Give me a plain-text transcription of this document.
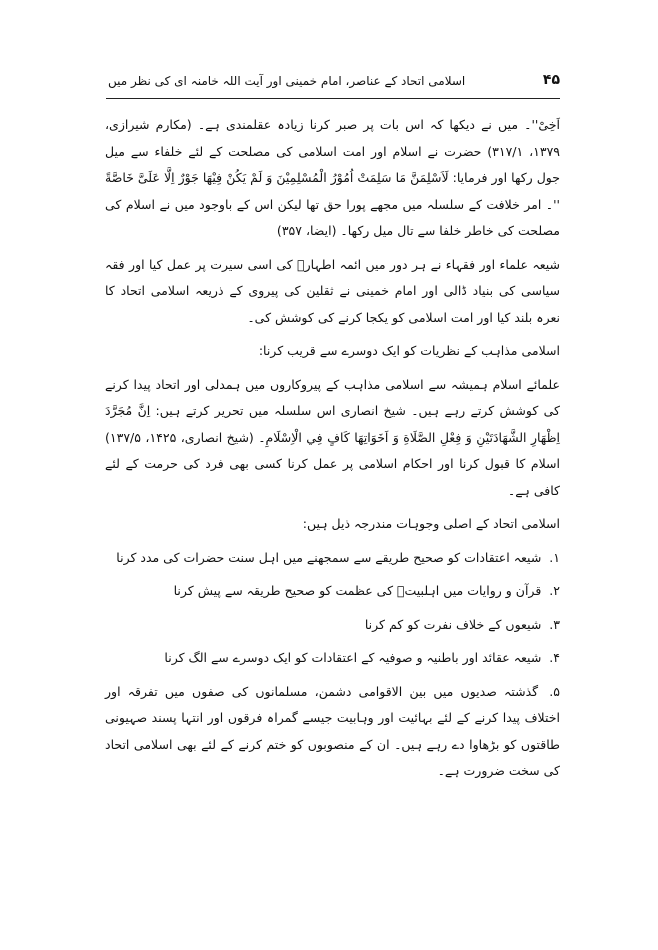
اسلامی اتحاد کے عناصر، امام خمینی اور آیت اللہ خامنہ ای کی نظر میں	۴۵

اَخِیْ''۔ میں نے دیکھا کہ اس بات پر صبر کرنا زیادہ عقلمندی ہے۔ (مکارم شیرازی، ۱۳۷۹، ۳۱۷/۱) حضرت نے اسلام اور امت اسلامی کی مصلحت کے لئے خلفاء سے میل جول رکھا اور فرمایا: لَاَسْلِمَنَّ مَا سَلِمَتْ اُمُوْرُ الْمُسْلِمِیْنَ وَ لَمْ یَکُنْ فِیْھَا جَوْرٌ اِلَّا عَلَیَّ خَاصَّةً ''۔ امر خلافت کے سلسلہ میں مجھے پورا حق تھا لیکن اس کے باوجود میں نے اسلام کی مصلحت کی خاطر خلفا سے تال میل رکھا۔ (ایضا، ۳۵۷)

شیعہ علماء اور فقہاء نے ہر دور میں ائمہ اطہارؑ کی اسی سیرت پر عمل کیا اور فقہ سیاسی کی بنیاد ڈالی اور امام خمینی نے ثقلین کی پیروی کے ذریعہ اسلامی اتحاد کا نعرہ بلند کیا اور امت اسلامی کو یکجا کرنے کی کوشش کی۔

اسلامی مذاہب کے نظریات کو ایک دوسرے سے قریب کرنا:

علمائے اسلام ہمیشہ سے اسلامی مذاہب کے پیروکاروں میں ہمدلی اور اتحاد پیدا کرنے کی کوشش کرتے رہے ہیں۔ شیخ انصاری اس سلسلہ میں تحریر کرتے ہیں: اِنَّ مُجَرَّدَ اِظْهَارِ الشَّهَادَتَیْنِ وَ فِعْلِ الصَّلَاةِ وَ اَخَوَاتِهَا کَافٍ فِي الْاِسْلَامِ۔ (شیخ انصاری، ۱۴۲۵، ۱۳۷/۵) اسلام کا قبول کرنا اور احکام اسلامی پر عمل کرنا کسی بھی فرد کی حرمت کے لئے کافی ہے۔

اسلامی اتحاد کے اصلی وجوہات مندرجہ ذیل ہیں:

۱. شیعہ اعتقادات کو صحیح طریقے سے سمجھنے میں اہل سنت حضرات کی مدد کرنا
۲. قرآن و روایات میں اہلبیتؑ کی عظمت کو صحیح طریقہ سے پیش کرنا
۳. شیعوں کے خلاف نفرت کو کم کرنا
۴. شیعہ عقائد اور باطنیہ و صوفیہ کے اعتقادات کو ایک دوسرے سے الگ کرنا
۵. گذشتہ صدیوں میں بین الاقوامی دشمن، مسلمانوں کی صفوں میں تفرقہ اور اختلاف پیدا کرنے کے لئے بہائیت اور وہابیت جیسے گمراہ فرقوں اور انتہا پسند صہیونی طاقتوں کو بڑھاوا دے رہے ہیں۔ ان کے منصوبوں کو ختم کرنے کے لئے بھی اسلامی اتحاد کی سخت ضرورت ہے۔
